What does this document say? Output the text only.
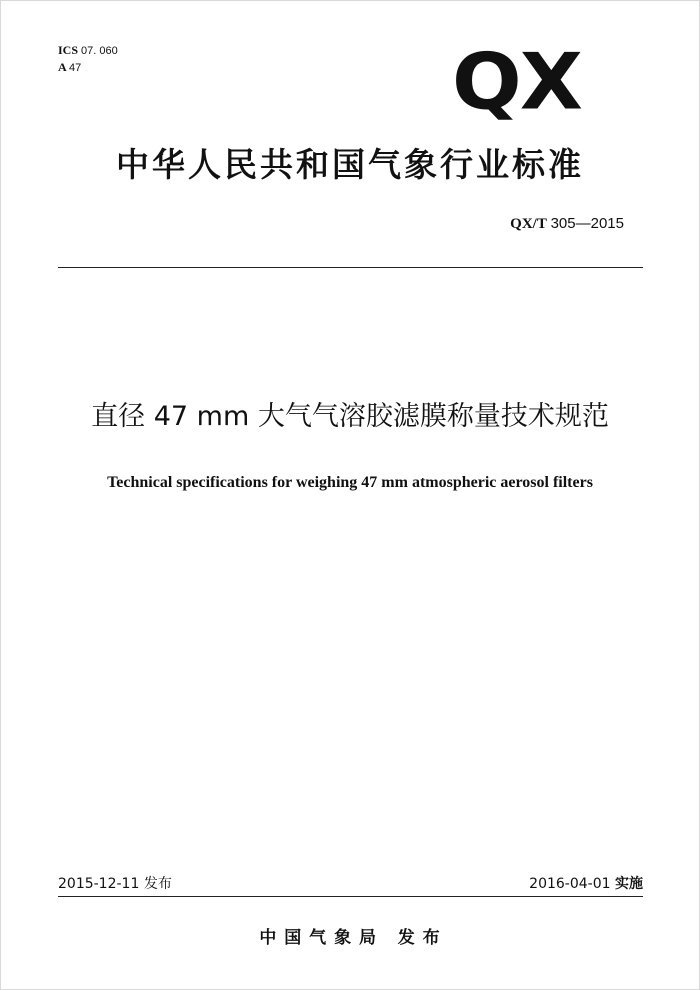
ICS 07. 060
A 47	QX
中华人民共和国气象行业标准
QX/T 305—2015
直径 47 mm 大气气溶胶滤膜称量技术规范
Technical specifications for weighing 47 mm atmospheric aerosol filters
2015-12-11 发布	2016-04-01 实施
中 国 气 象 局   发 布
